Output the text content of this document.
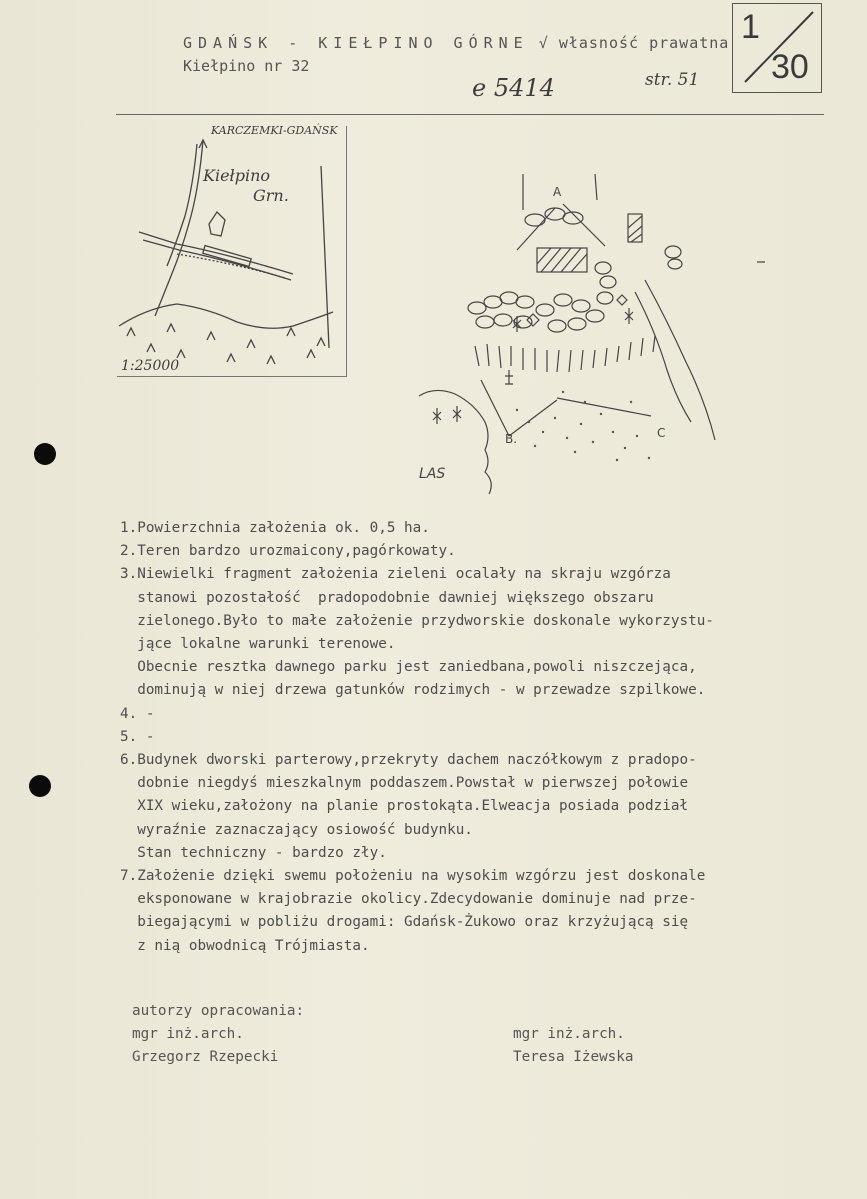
GDAŃSK - KIEŁPINO GÓRNE √ własność prawatna
Kiełpino nr 32
e 5414	str. 51
1
30
KARCZEMKI-GDAŃSK
Kiełpino
Grn.
1:25000
A
B.	C
LAS
1.Powierzchnia założenia ok. 0,5 ha.
2.Teren bardzo urozmaicony,pagórkowaty.
3.Niewielki fragment założenia zieleni ocalały na skraju wzgórza
stanowi pozostałość  pradopodobnie dawniej większego obszaru
zielonego.Było to małe założenie przydworskie doskonale wykorzystu-
jące lokalne warunki terenowe.
Obecnie resztka dawnego parku jest zaniedbana,powoli niszczejąca,
dominują w niej drzewa gatunków rodzimych - w przewadze szpilkowe.
4. -
5. -
6.Budynek dworski parterowy,przekryty dachem naczółkowym z pradopo-
dobnie niegdyś mieszkalnym poddaszem.Powstał w pierwszej połowie
XIX wieku,założony na planie prostokąta.Elweacja posiada podział
wyraźnie zaznaczający osiowość budynku.
Stan techniczny - bardzo zły.
7.Założenie dzięki swemu położeniu na wysokim wzgórzu jest doskonale
eksponowane w krajobrazie okolicy.Zdecydowanie dominuje nad prze-
biegającymi w pobliżu drogami: Gdańsk-Żukowo oraz krzyżującą się
z nią obwodnicą Trójmiasta.
autorzy opracowania:
mgr inż.arch.
Grzegorz Rzepecki
mgr inż.arch.
Teresa Iżewska
